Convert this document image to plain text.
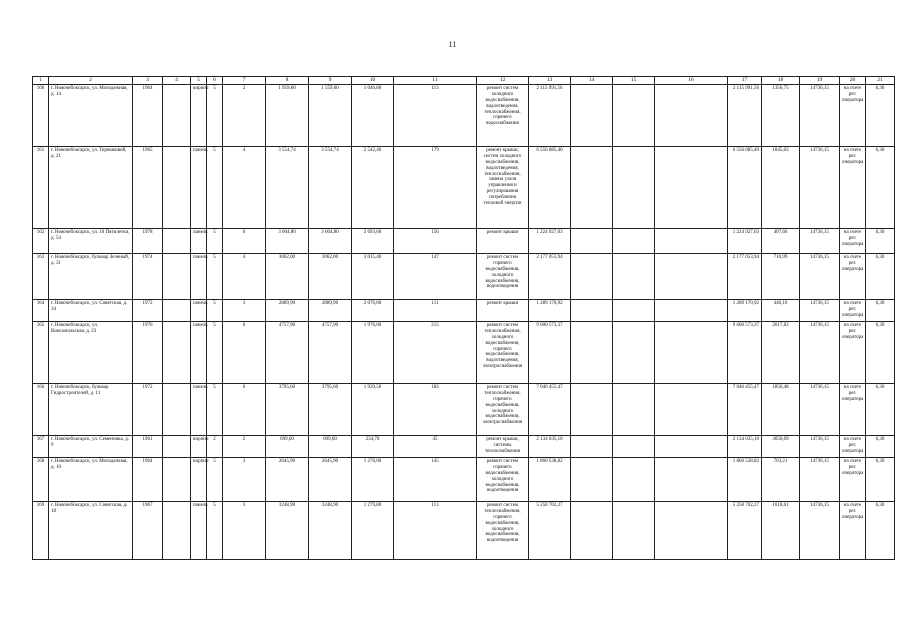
11
1	2	3	4	5	6	7	8	9	10	11	12	13	14	15	16	17	18	19	20	21
160	г. Новочебоксарск, ул. Молодежная, д. 14	1964		кирпич	5	2	1 959,60	1 559,60	1 046,80	113	ремонт систем холодного водоснабжения, водоотведения, теплоснабжения, горячего водоснабжения	2 115 991,56				2 115 991,56	1356,75	14736,15	на счете рег. оператора	6,30
161	г. Новочебоксарск, ул. Терешковой, д. 21	1965		панель	5	4	3 554,74	3 554,74	2 542,40	179	ремонт крыши, систем холодного водоснабжения, водоотведения, теплоснабжения, замена узлов управления и регулирования потребления тепловой энергии	6 556 085,40				6 556 085,40	1845,03	14736,15	на счете рег. оператора	6,30
162	г. Новочебоксарск, ул. 10 Пятилетки, д. 54	1978		панель	5	6	3 004,80	3 004,80	2 693,60	156	ремонт крыши	1 224 927,03				1 224 927,03	407,66	14736,15	на счете рег. оператора	6,30
163	г. Новочебоксарск, бульвар Зеленый, д. 31	1974		панель	5	4	3062,00	3062,00	3 015,40	147	ремонт систем горячего водоснабжения, холодного водоснабжения, водоотведения	2 177 053,94				2 177 053,94	710,99	14736,15	на счете рег. оператора	6,30
164	г. Новочебоксарск, ул. Советская, д. 34	1972		панель	5	3	2889,90	2889,90	2 076,60	111	ремонт крыши	1 289 170,92				1 289 170,92	446,10	14736,15	на счете рег. оператора	6,30
165	г. Новочебоксарск, ул. Комсомольская, д. 23	1976		панель	5	6	4757,90	4757,90	1 976,00	215	ремонт систем теплоснабжения, холодного водоснабжения, горячего водоснабжения, водоотведения, электроснабжения	9 600 573,37				9 600 573,37	2017,82	14736,15	на счете рег. оператора	6,30
166	г. Новочебоксарск, бульвар Гидростроителей, д. 11	1972		панель	5	6	3795,60	3795,60	1 939,50	182	ремонт систем теплоснабжения, горячего водоснабжения, холодного водоснабжения, электроснабжения	7 046 455,47				7 046 455,47	1856,48	14736,15	на счете рег. оператора	6,30
167	г. Новочебоксарск, ул. Семенчика, д. 9	1961		кирпич	2	2	699,60	699,60	234,70	45	ремонт крыши, системы теплоснабжения	2 134 035,10				2 134 035,10	3050,09	14736,15	на счете рег. оператора	6,30
168	г. Новочебоксарск, ул. Молодежная, д. 10	1964		кирпич	5	3	2645,90	2645,90	1 276,00	145	ремонт систем горячего водоснабжения, холодного водоснабжения, водоотведения	1 860 538,82				1 860 538,82	703,21	14736,15	на счете рег. оператора	6,30
169	г. Новочебоксарск, ул. Советская, д. 18	1967		панель	5	3	3248,90	3248,90	1 279,80	113	ремонт систем теплоснабжения, горячего водоснабжения, холодного водоснабжения, водоотведения	5 258 702,27				5 258 702,27	1618,61	14736,15	на счете рег. оператора	6,30
